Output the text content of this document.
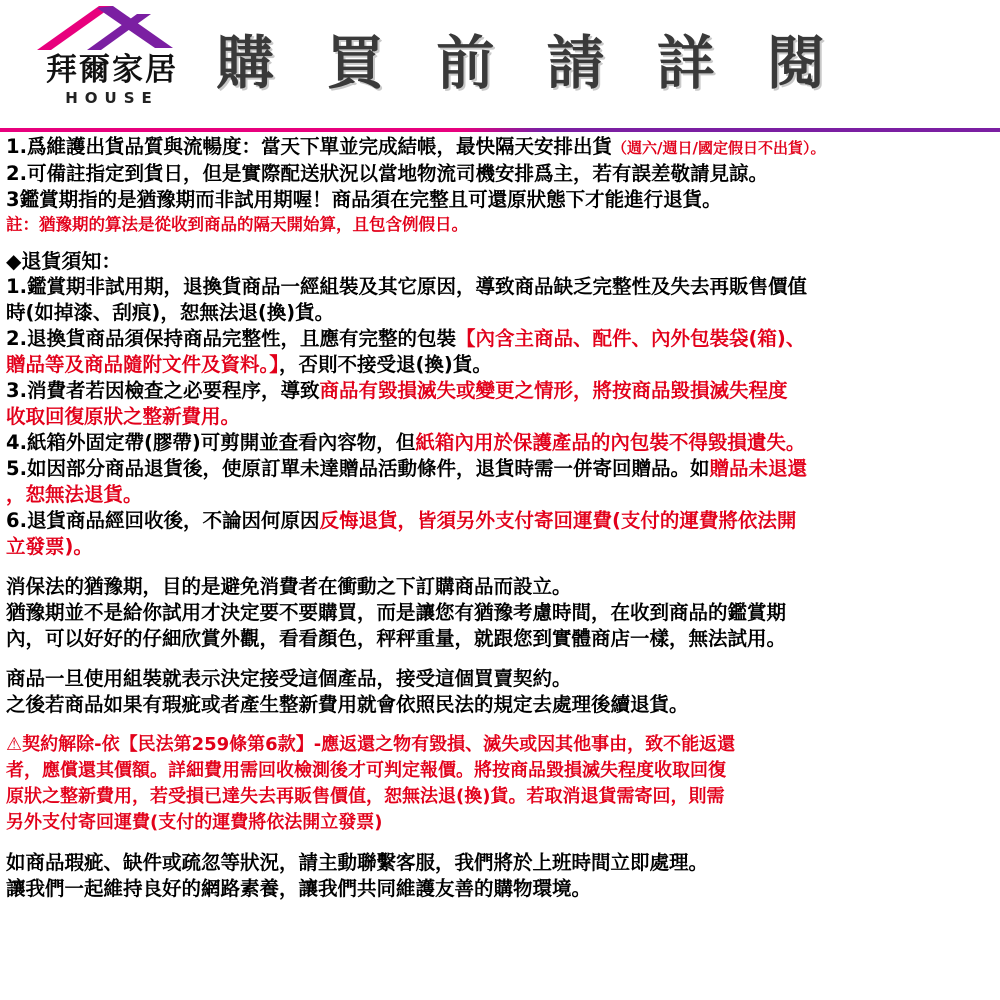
拜爾家居
HOUSE
購 買 前 請 詳 閱
1.爲維護出貨品質與流暢度：當天下單並完成結帳，最快隔天安排出貨（週六/週日/國定假日不出貨）。
2.可備註指定到貨日，但是實際配送狀況以當地物流司機安排爲主，若有誤差敬請見諒。
3鑑賞期指的是猶豫期而非試用期喔！商品須在完整且可還原狀態下才能進行退貨。
註：猶豫期的算法是從收到商品的隔天開始算，且包含例假日。
◆退貨須知：
1.鑑賞期非試用期，退換貨商品一經組裝及其它原因，導致商品缺乏完整性及失去再販售價值
時(如掉漆、刮痕)，恕無法退(換)貨。
2.退換貨商品須保持商品完整性，且應有完整的包裝【內含主商品、配件、內外包裝袋(箱)、
贈品等及商品隨附文件及資料。】，否則不接受退(換)貨。
3.消費者若因檢查之必要程序，導致商品有毀損滅失或變更之情形，將按商品毀損滅失程度
收取回復原狀之整新費用。
4.紙箱外固定帶(膠帶)可剪開並查看內容物，但紙箱內用於保護產品的內包裝不得毀損遺失。
5.如因部分商品退貨後，使原訂單未達贈品活動條件，退貨時需一併寄回贈品。如贈品未退還
，恕無法退貨。
6.退貨商品經回收後，不論因何原因反悔退貨，皆須另外支付寄回運費(支付的運費將依法開
立發票)。
消保法的猶豫期，目的是避免消費者在衝動之下訂購商品而設立。
猶豫期並不是給你試用才決定要不要購買，而是讓您有猶豫考慮時間，在收到商品的鑑賞期
內，可以好好的仔細欣賞外觀，看看顏色，秤秤重量，就跟您到實體商店一樣，無法試用。
商品一旦使用組裝就表示決定接受這個產品，接受這個買賣契約。
之後若商品如果有瑕疵或者產生整新費用就會依照民法的規定去處理後續退貨。
⚠契約解除-依【民法第259條第6款】-應返還之物有毀損、滅失或因其他事由，致不能返還
者，應償還其價額。詳細費用需回收檢測後才可判定報價。將按商品毀損滅失程度收取回復
原狀之整新費用，若受損已達失去再販售價值，恕無法退(換)貨。若取消退貨需寄回，則需
另外支付寄回運費(支付的運費將依法開立發票)
如商品瑕疵、缺件或疏忽等狀況，請主動聯繫客服，我們將於上班時間立即處理。
讓我們一起維持良好的網路素養，讓我們共同維護友善的購物環境。
